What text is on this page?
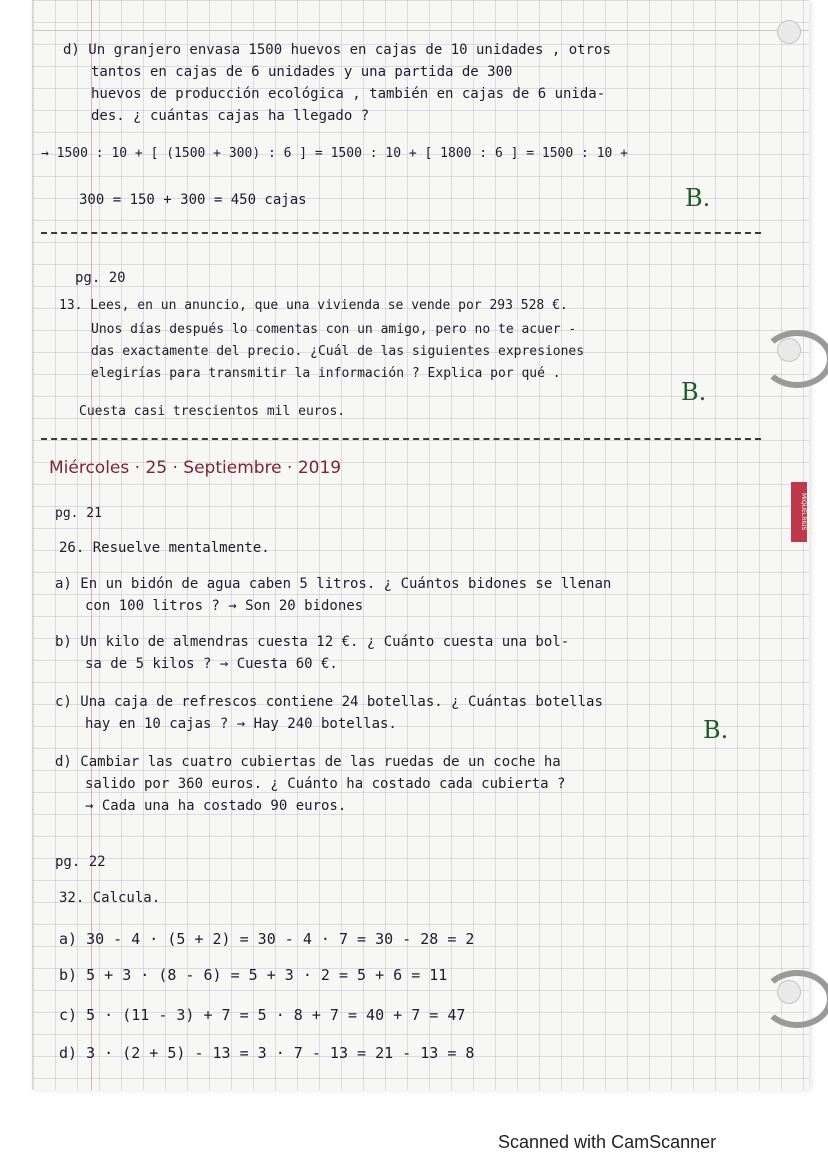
MIQUELRIUS
d) Un granjero envasa 1500 huevos en cajas de 10 unidades , otros
tantos en cajas de 6 unidades y una partida de 300
huevos de producción ecológica , también en cajas de 6 unida-
des. ¿ cuántas cajas ha llegado ?
→ 1500 : 10 + [ (1500 + 300) : 6 ] = 1500 : 10 + [ 1800 : 6 ] = 1500 : 10 +
300 = 150 + 300 = 450 cajas	B.
pg. 20
13. Lees, en un anuncio, que una vivienda se vende por 293 528 €.
Unos días después lo comentas con un amigo, pero no te acuer -
das exactamente del precio. ¿Cuál de las siguientes expresiones
elegirías para transmitir la información ? Explica por qué .
Cuesta casi trescientos mil euros.
B.
Miércoles · 25 · Septiembre · 2019
pg. 21
26. Resuelve mentalmente.
a) En un bidón de agua caben 5 litros. ¿ Cuántos bidones se llenan
con 100 litros ? → Son 20 bidones
b) Un kilo de almendras cuesta 12 €. ¿ Cuánto cuesta una bol-
sa de 5 kilos ? → Cuesta 60 €.
c) Una caja de refrescos contiene 24 botellas. ¿ Cuántas botellas
hay en 10 cajas ? → Hay 240 botellas.	B.
d) Cambiar las cuatro cubiertas de las ruedas de un coche ha
salido por 360 euros. ¿ Cuánto ha costado cada cubierta ?
→ Cada una ha costado 90 euros.
pg. 22
32. Calcula.
a) 30 - 4 · (5 + 2) = 30 - 4 · 7 = 30 - 28 = 2
b) 5 + 3 · (8 - 6) = 5 + 3 · 2 = 5 + 6 = 11
c) 5 · (11 - 3) + 7 = 5 · 8 + 7 = 40 + 7 = 47
d) 3 · (2 + 5) - 13 = 3 · 7 - 13 = 21 - 13 = 8
Scanned with CamScanner
